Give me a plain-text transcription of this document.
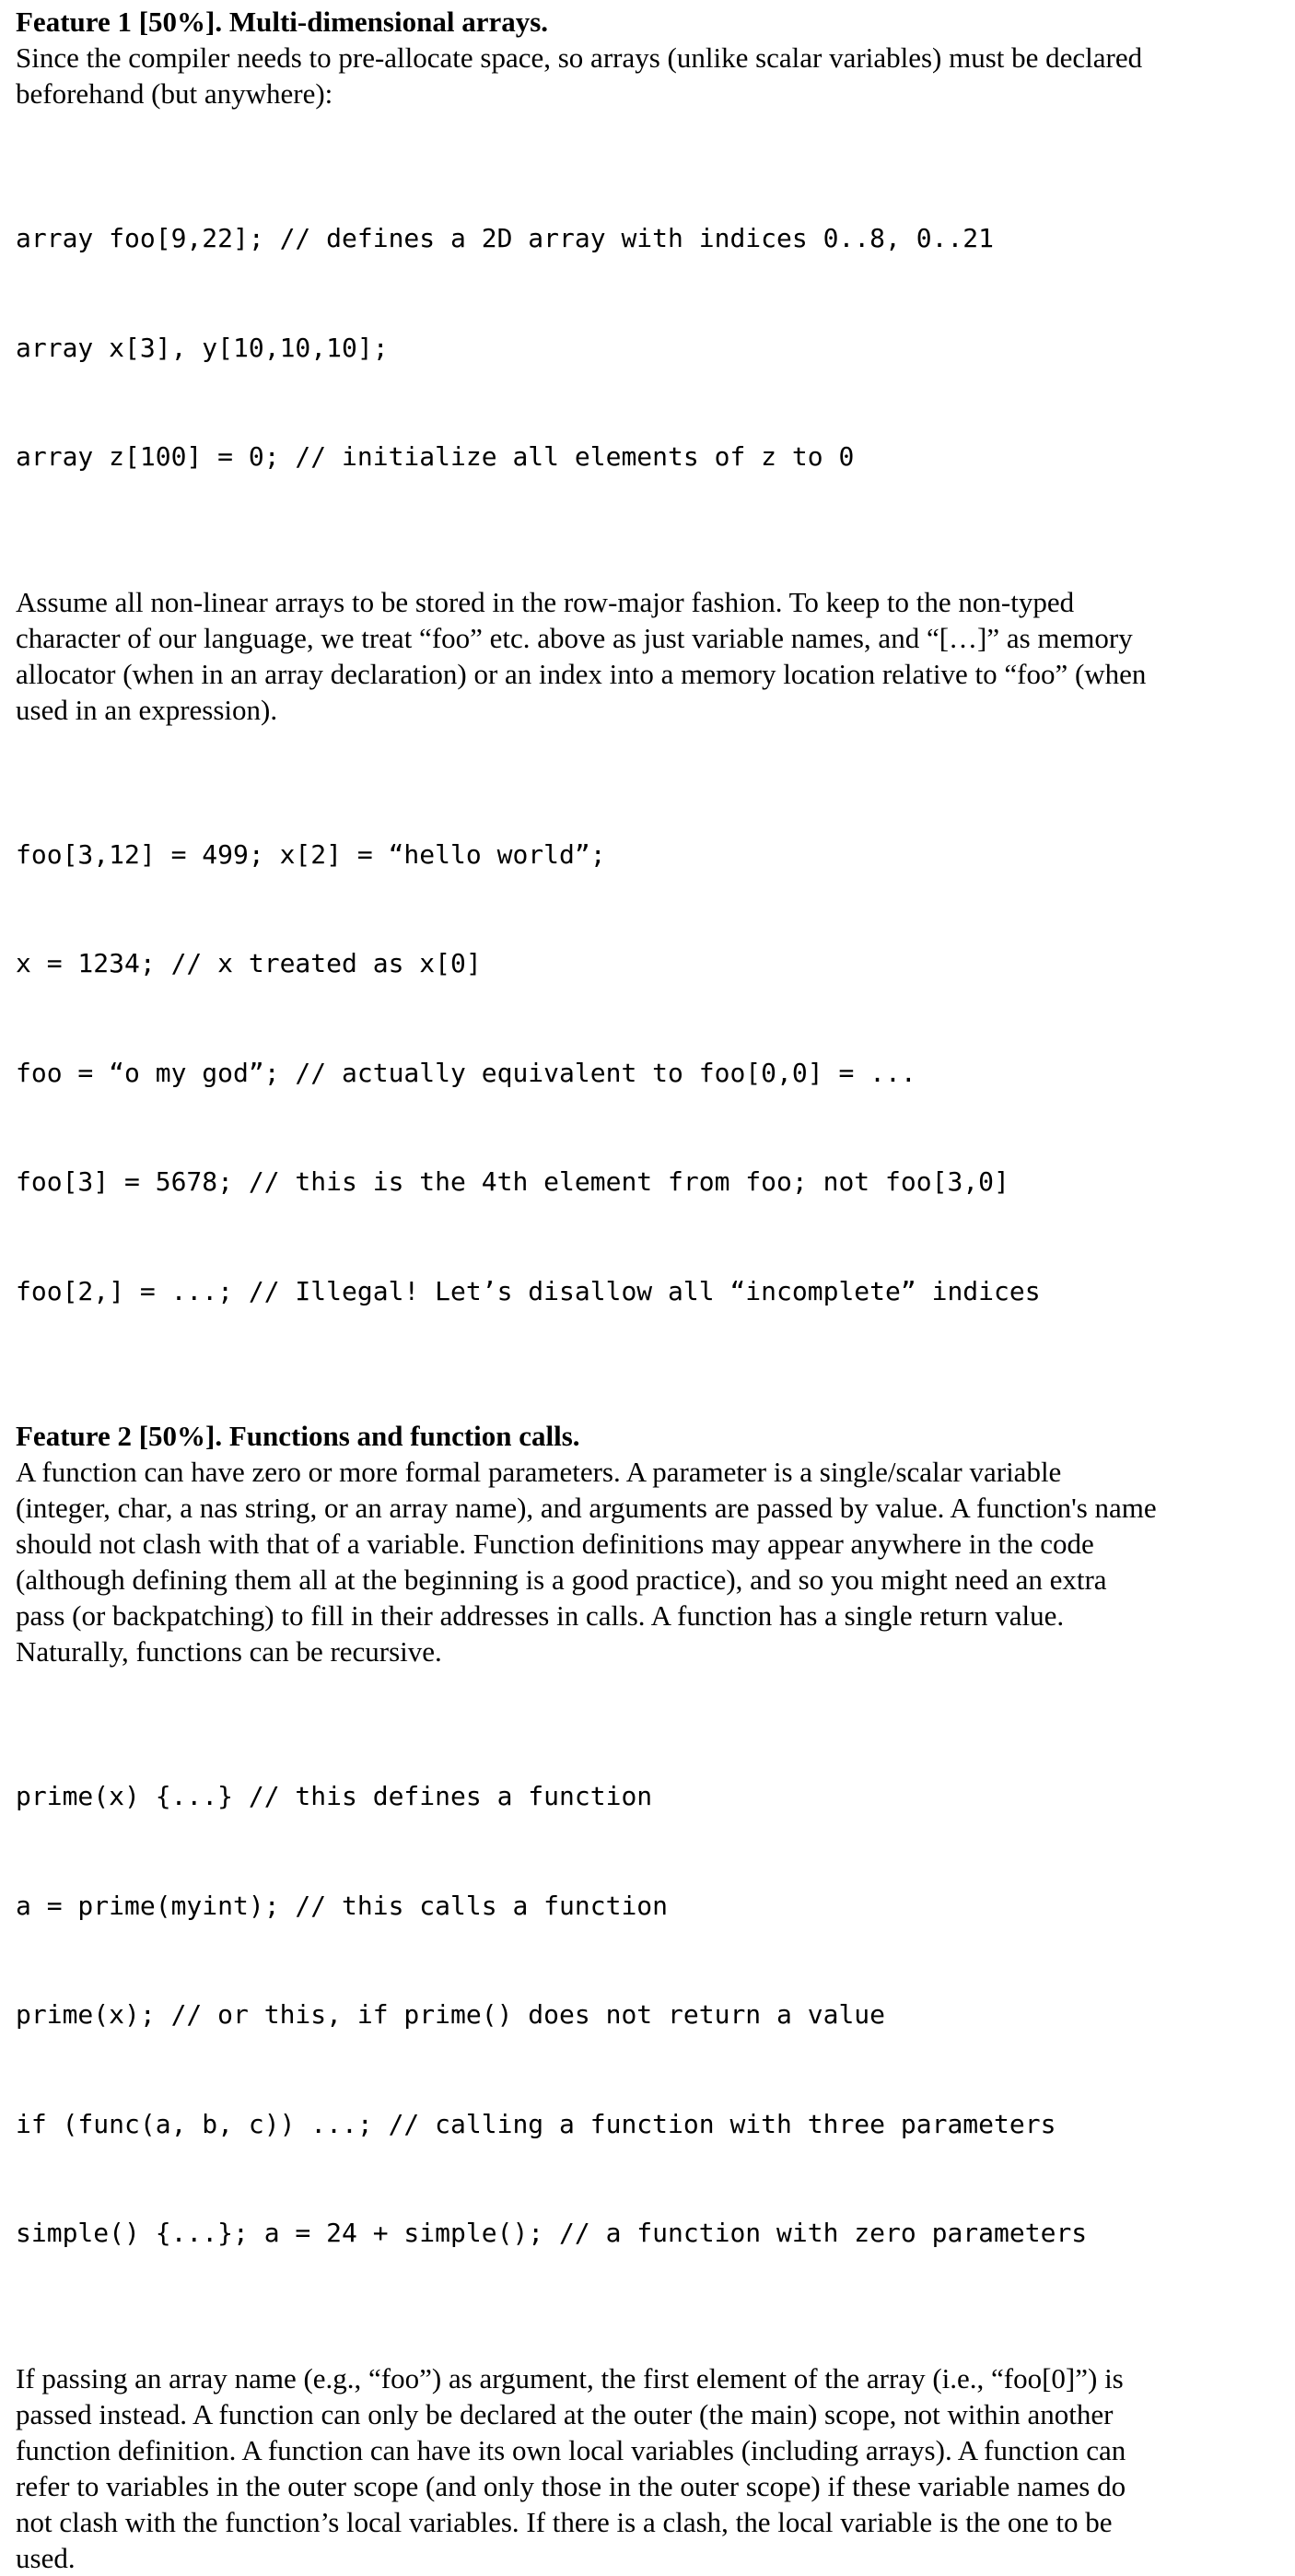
Feature 1 [50%]. Multi-dimensional arrays.

Since the compiler needs to pre-allocate space, so arrays (unlike scalar variables) must be declared
beforehand (but anywhere):

array foo[9,22]; // defines a 2D array with indices 0..8, 0..21

array x[3], y[10,10,10];

array z[100] = 0; // initialize all elements of z to 0

Assume all non-linear arrays to be stored in the row-major fashion. To keep to the non-typed
character of our language, we treat “foo” etc. above as just variable names, and “[…]” as memory
allocator (when in an array declaration) or an index into a memory location relative to “foo” (when
used in an expression).

foo[3,12] = 499; x[2] = “hello world”;

x = 1234; // x treated as x[0]

foo = “o my god”; // actually equivalent to foo[0,0] = ...

foo[3] = 5678; // this is the 4th element from foo; not foo[3,0]

foo[2,] = ...; // Illegal! Let’s disallow all “incomplete” indices

Feature 2 [50%]. Functions and function calls.

A function can have zero or more formal parameters. A parameter is a single/scalar variable
(integer, char, a nas string, or an array name), and arguments are passed by value. A function's name
should not clash with that of a variable. Function definitions may appear anywhere in the code
(although defining them all at the beginning is a good practice), and so you might need an extra
pass (or backpatching) to fill in their addresses in calls. A function has a single return value.
Naturally, functions can be recursive.

prime(x) {...} // this defines a function

a = prime(myint); // this calls a function

prime(x); // or this, if prime() does not return a value

if (func(a, b, c)) ...; // calling a function with three parameters

simple() {...}; a = 24 + simple(); // a function with zero parameters

If passing an array name (e.g., “foo”) as argument, the first element of the array (i.e., “foo[0]”) is
passed instead. A function can only be declared at the outer (the main) scope, not within another
function definition. A function can have its own local variables (including arrays). A function can
refer to variables in the outer scope (and only those in the outer scope) if these variable names do
not clash with the function’s local variables. If there is a clash, the local variable is the one to be
used.
